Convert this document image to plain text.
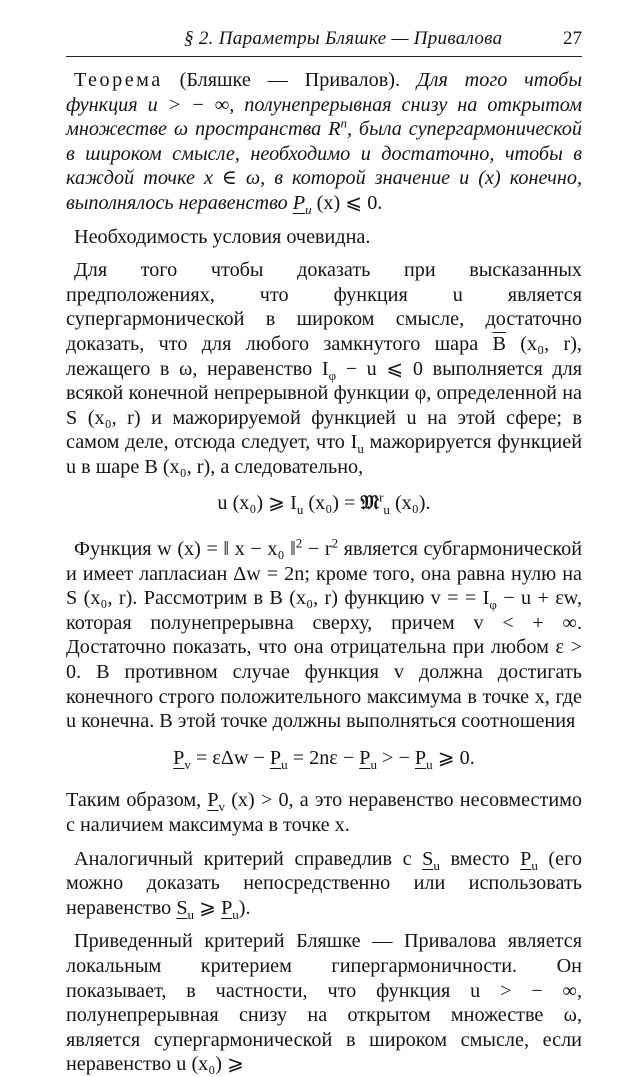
§ 2. Параметры Бляшке — Привалова	27

Теорема (Бляшке — Привалов). Для того чтобы функция u > − ∞, полунепрерывная снизу на открытом множестве ω пространства $R^n$, была супергармонической в широком смысле, необходимо и достаточно, чтобы в каждой точке x ∈ ω, в которой значение u (x) конечно, выполнялось неравенство $P_u$ (x) ⩽ 0.

Необходимость условия очевидна.

Для того чтобы доказать при высказанных предположениях, что функция u является супергармонической в широком смысле, достаточно доказать, что для любого замкнутого шара $\overline{B}$ (x₀, r), лежащего в ω, неравенство $I_\varphi - u$ ⩽ 0 выполняется для всякой конечной непрерывной функции φ, определенной на S (x₀, r) и мажорируемой функцией u на этой сфере; в самом деле, отсюда следует, что $I_u$ мажорируется функцией u в шаре B (x₀, r), а следовательно,

u (x₀) ⩾ $I_u$ (x₀) = 𝔐$^r_u$ (x₀).

Функция w (x) = ‖ x − x₀ ‖$^2$ − $r^2$ является субгармонической и имеет лапласиан Δw = 2n; кроме того, она равна нулю на S (x₀, r). Рассмотрим в B (x₀, r) функцию v = = $I_\varphi - u + \varepsilon w$, которая полунепрерывна сверху, причем v < + ∞. Достаточно показать, что она отрицательна при любом ε > 0. В противном случае функция v должна достигать конечного строго положительного максимума в точке x, где u конечна. В этой точке должны выполняться соотношения

$P_v = \varepsilon\Delta w - P_u = 2n\varepsilon - P_u$ > − $P_u$ ⩾ 0.

Таким образом, $P_v$ (x) > 0, а это неравенство несовместимо с наличием максимума в точке x.

Аналогичный критерий справедлив с $S_u$ вместо $P_u$ (его можно доказать непосредственно или использовать неравенство $S_u$ ⩾ $P_u$).

Приведенный критерий Бляшке — Привалова является локальным критерием гипергармоничности. Он показывает, в частности, что функция u > − ∞, полунепрерывная снизу на открытом множестве ω, является супергармонической в широком смысле, если неравенство u (x₀) ⩾
